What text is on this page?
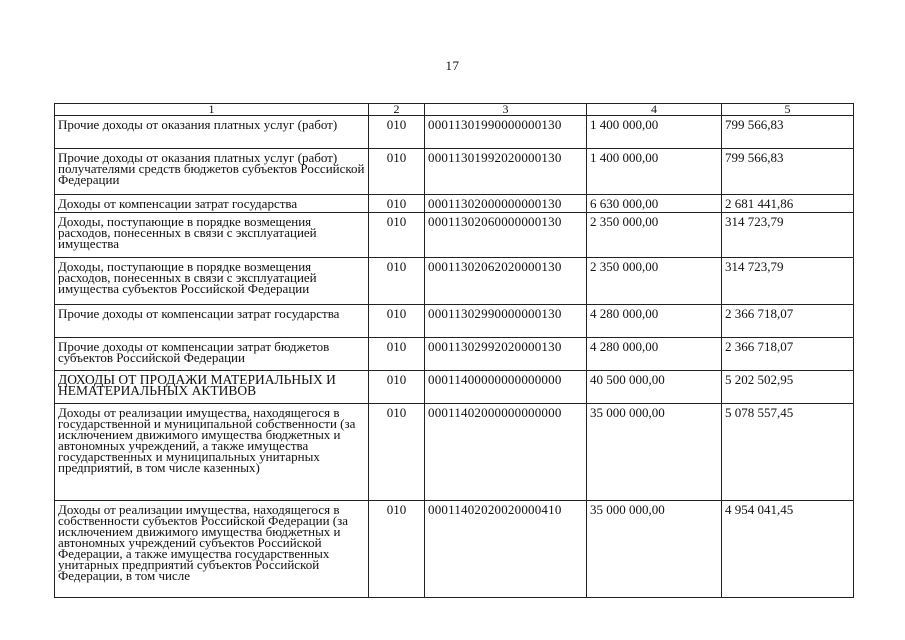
17
1	2	3	4	5
Прочие доходы от оказания платных услуг (работ)	010	00011301990000000130	1 400 000,00	799 566,83
Прочие доходы от оказания платных услуг (работ) получателями средств бюджетов субъектов Российской Федерации	010	00011301992020000130	1 400 000,00	799 566,83
Доходы от компенсации затрат государства	010	00011302000000000130	6 630 000,00	2 681 441,86
Доходы, поступающие в порядке возмещения расходов, понесенных в связи с эксплуатацией имущества	010	00011302060000000130	2 350 000,00	314 723,79
Доходы, поступающие в порядке возмещения расходов, понесенных в связи с эксплуатацией имущества субъектов Российской Федерации	010	00011302062020000130	2 350 000,00	314 723,79
Прочие доходы от компенсации затрат государства	010	00011302990000000130	4 280 000,00	2 366 718,07
Прочие доходы от компенсации затрат бюджетов субъектов Российской Федерации	010	00011302992020000130	4 280 000,00	2 366 718,07
ДОХОДЫ ОТ ПРОДАЖИ МАТЕРИАЛЬНЫХ И НЕМАТЕРИАЛЬНЫХ АКТИВОВ	010	00011400000000000000	40 500 000,00	5 202 502,95
Доходы от реализации имущества, находящегося в государственной и муниципальной собственности (за исключением движимого имущества бюджетных и автономных учреждений, а также имущества государственных и муниципальных унитарных предприятий, в том числе казенных)	010	00011402000000000000	35 000 000,00	5 078 557,45
Доходы от реализации имущества, находящегося в собственности субъектов Российской Федерации (за исключением движимого имущества бюджетных и автономных учреждений субъектов Российской Федерации, а также имущества государственных унитарных предприятий субъектов Российской Федерации, в том числе	010	00011402020020000410	35 000 000,00	4 954 041,45
